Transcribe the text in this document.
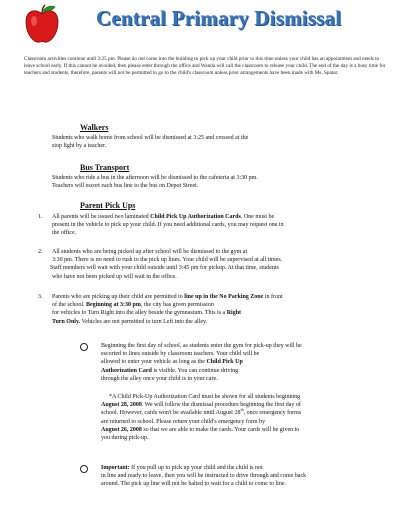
Central Primary Dismissal
Classroom activities continue until 3:25 pm. Please do not come into the building to pick up your child prior to this time unless your child has an appointment and needs to leave school early. If this cannot be avoided, then please enter through the office and Wanda will call the classroom to release your child. The end of the day is a busy time for teachers and students, therefore, parents will not be permitted to go to the child's classroom unless prior arrangements have been made with Ms. Spatar.
Walkers
Students who walk home from school will be dismissed at 3:25 and crossed at the
stop light by a teacher.
Bus Transport
Students who ride a bus in the afternoon will be dismissed to the cafeteria at 3:30 pm.
Teachers will escort each bus line to the bus on Depot Street.
Parent Pick Ups
1. All parents will be issued two laminated Child Pick Up Authorization Cards. One must be
present in the vehicle to pick up your child. If you need additional cards, you may request one in
the office.
2. All students who are being picked up after school will be dismissed to the gym at
3:30 pm. There is no need to rush to the pick up lines. Your child will be supervised at all times.
Staff members will wait with your child outside until 3:45 pm for pickup. At that time, students
who have not been picked up will wait in the office.
3. Parents who are picking up their child are permitted to line up in the No Parking Zone in front
of the school. Beginning at 3:30 pm, the city has given permission
for vehicles to Turn Right into the alley beside the gymnasium. This is a Right
Turn Only. Vehicles are not permitted to turn Left into the alley.
Beginning the first day of school, as students enter the gym for pick-up they will be
escorted to lines outside by classroom teachers. Your child will be
allowed to enter your vehicle as long as the Child Pick Up
Authorization Card is visible. You can continue driving
through the alley once your child is in your care.
*A Child Pick-Up Authorization Card must be shown for all students beginning
August 28, 2008. We will follow the dismissal procedure beginning the first day of
school. However, cards won't be available until August 28th, once emergency forms
are returned to school. Please return your child's emergency form by
August 26, 2008 so that we are able to make the cards. Your cards will be given to
you during pick-up.
Important: If you pull up to pick up your child and the child is not
in line and ready to leave, then you will be instructed to drive through and come back
around. The pick up line will not be halted to wait for a child to come to line.
